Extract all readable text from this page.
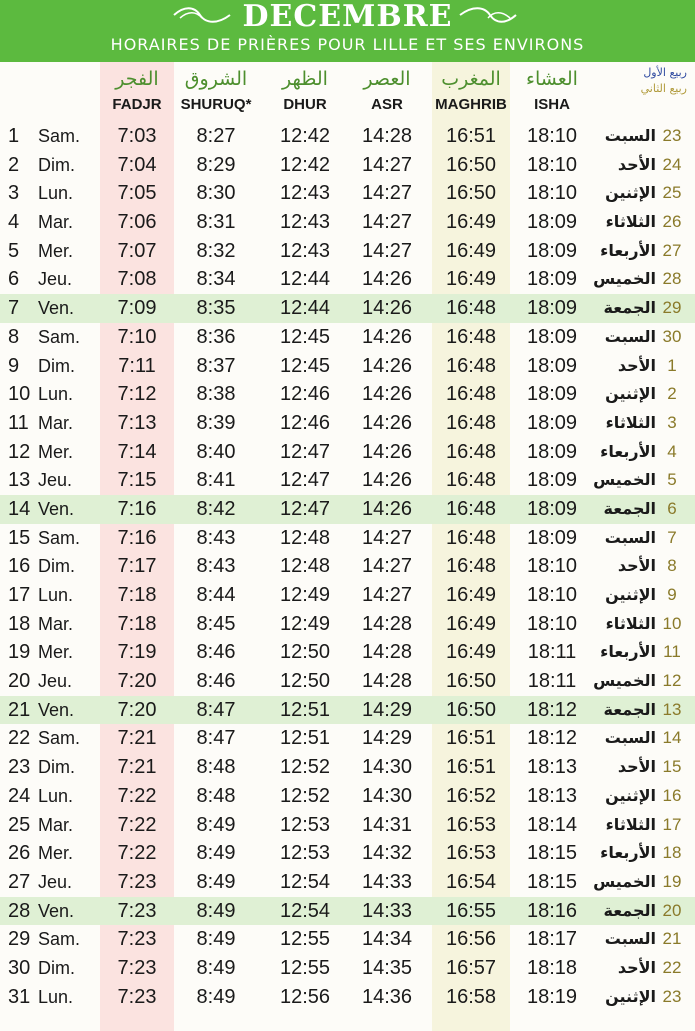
DECEMBRE
HORAIRES DE PRIÈRES POUR LILLE ET SES ENVIRONS
الفجر	الشروق	الظهر	العصر	المغرب	العشاء
FADJR	SHURUQ*	DHUR	ASR	MAGHRIB	ISHA
ربيع الأول
ربيع الثاني
1	Sam.	7:03	8:27	12:42	14:28	16:51	18:10	السبت 23
2	Dim.	7:04	8:29	12:42	14:27	16:50	18:10	الأحد 24
3	Lun.	7:05	8:30	12:43	14:27	16:50	18:10	الإثنين 25
4	Mar.	7:06	8:31	12:43	14:27	16:49	18:09	الثلاثاء 26
5	Mer.	7:07	8:32	12:43	14:27	16:49	18:09	الأربعاء 27
6	Jeu.	7:08	8:34	12:44	14:26	16:49	18:09	الخميس 28
7	Ven.	7:09	8:35	12:44	14:26	16:48	18:09	الجمعة 29
8	Sam.	7:10	8:36	12:45	14:26	16:48	18:09	السبت 30
9	Dim.	7:11	8:37	12:45	14:26	16:48	18:09	الأحد 1
10 Lun.	7:12	8:38	12:46	14:26	16:48	18:09	الإثنين 2
11 Mar.	7:13	8:39	12:46	14:26	16:48	18:09	الثلاثاء 3
12 Mer.	7:14	8:40	12:47	14:26	16:48	18:09	الأربعاء 4
13 Jeu.	7:15	8:41	12:47	14:26	16:48	18:09	الخميس 5
14 Ven.	7:16	8:42	12:47	14:26	16:48	18:09	الجمعة 6
15 Sam.	7:16	8:43	12:48	14:27	16:48	18:09	السبت 7
16 Dim.	7:17	8:43	12:48	14:27	16:48	18:10	الأحد 8
17 Lun.	7:18	8:44	12:49	14:27	16:49	18:10	الإثنين 9
18 Mar.	7:18	8:45	12:49	14:28	16:49	18:10	الثلاثاء 10
19 Mer.	7:19	8:46	12:50	14:28	16:49	18:11	الأربعاء 11
20 Jeu.	7:20	8:46	12:50	14:28	16:50	18:11	الخميس 12
21 Ven.	7:20	8:47	12:51	14:29	16:50	18:12	الجمعة 13
22 Sam.	7:21	8:47	12:51	14:29	16:51	18:12	السبت 14
23 Dim.	7:21	8:48	12:52	14:30	16:51	18:13	الأحد 15
24 Lun.	7:22	8:48	12:52	14:30	16:52	18:13	الإثنين 16
25 Mar.	7:22	8:49	12:53	14:31	16:53	18:14	الثلاثاء 17
26 Mer.	7:22	8:49	12:53	14:32	16:53	18:15	الأربعاء 18
27 Jeu.	7:23	8:49	12:54	14:33	16:54	18:15	الخميس 19
28 Ven.	7:23	8:49	12:54	14:33	16:55	18:16	الجمعة 20
29 Sam.	7:23	8:49	12:55	14:34	16:56	18:17	السبت 21
30 Dim.	7:23	8:49	12:55	14:35	16:57	18:18	الأحد 22
31 Lun.	7:23	8:49	12:56	14:36	16:58	18:19	الإثنين 23
